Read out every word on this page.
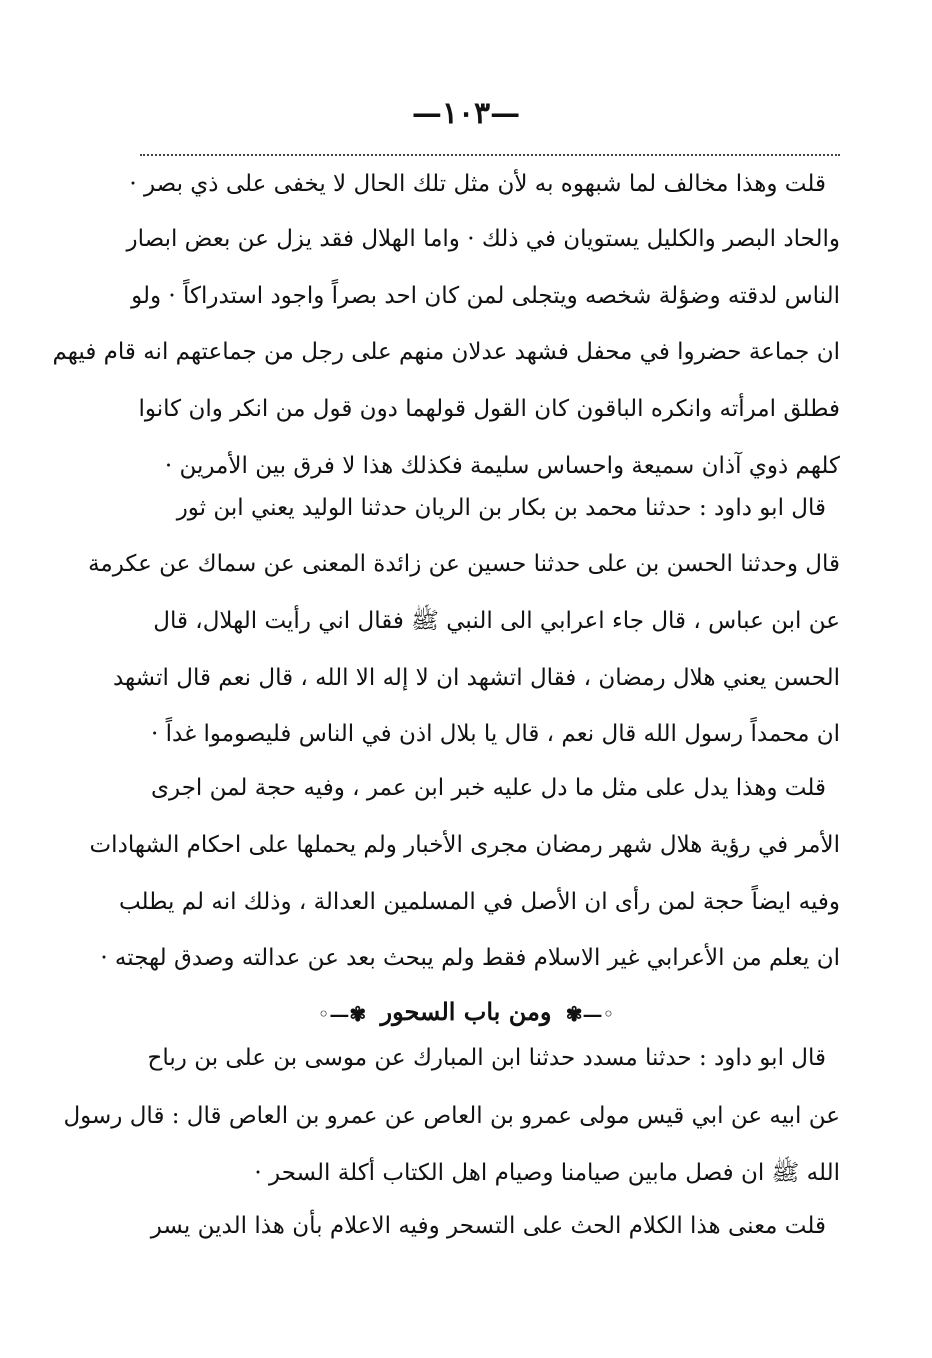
—١٠٣—
قلت وهذا مخالف لما شبهوه به لأن مثل تلك الحال لا يخفى على ذي بصر ·
والحاد البصر والكليل يستويان في ذلك · واما الهلال فقد يزل عن بعض ابصار
الناس لدقته وضؤلة شخصه ويتجلى لمن كان احد بصراً واجود استدراكاً · ولو
ان جماعة حضروا في محفل فشهد عدلان منهم على رجل من جماعتهم انه قام فيهم
فطلق امرأته وانكره الباقون كان القول قولهما دون قول من انكر وان كانوا
كلهم ذوي آذان سميعة واحساس سليمة فكذلك هذا لا فرق بين الأمرين ·
قال ابو داود : حدثنا محمد بن بكار بن الريان حدثنا الوليد يعني ابن ثور
قال وحدثنا الحسن بن على حدثنا حسين عن زائدة المعنى عن سماك عن عكرمة
عن ابن عباس ، قال جاء اعرابي الى النبي ﷺ فقال اني رأيت الهلال، قال
الحسن يعني هلال رمضان ، فقال اتشهد ان لا إله الا الله ، قال نعم قال اتشهد
ان محمداً رسول الله قال نعم ، قال يا بلال اذن في الناس فليصوموا غداً ·
قلت وهذا يدل على مثل ما دل عليه خبر ابن عمر ، وفيه حجة لمن اجرى
الأمر في رؤية هلال شهر رمضان مجرى الأخبار ولم يحملها على احكام الشهادات
وفيه ايضاً حجة لمن رأى ان الأصل في المسلمين العدالة ، وذلك انه لم يطلب
ان يعلم من الأعرابي غير الاسلام فقط ولم يبحث بعد عن عدالته وصدق لهجته ·
◦—✾ ومن باب السحور ✾—◦
قال ابو داود : حدثنا مسدد حدثنا ابن المبارك عن موسى بن على بن رباح
عن ابيه عن ابي قيس مولى عمرو بن العاص عن عمرو بن العاص قال : قال رسول
الله ﷺ ان فصل مابين صيامنا وصيام اهل الكتاب أكلة السحر ·
قلت معنى هذا الكلام الحث على التسحر وفيه الاعلام بأن هذا الدين يسر
